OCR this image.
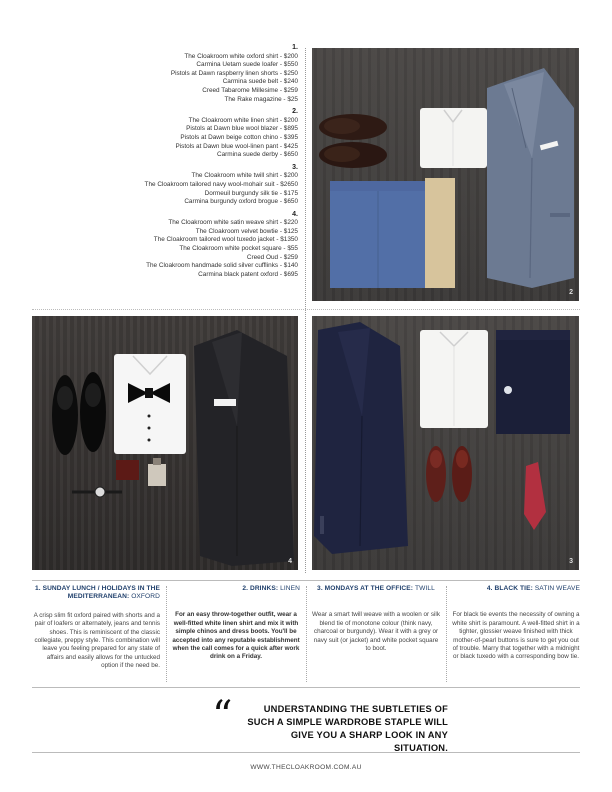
1.
The Cloakroom white oxford shirt - $200
Carmina Uetam suede loafer - $550
Pistols at Dawn raspberry linen shorts - $250
Carmina suede belt - $240
Creed Tabarome Millesime - $259
The Rake magazine - $25
2.
The Cloakroom white linen shirt - $200
Pistols at Dawn blue wool blazer - $895
Pistols at Dawn beige cotton chino - $395
Pistols at Dawn blue wool-linen pant - $425
Carmina suede derby - $650
3.
The Cloakroom white twill shirt - $200
The Cloakroom tailored navy wool-mohair suit - $2650
Dormeuil burgundy silk tie - $175
Carmina burgundy oxford brogue - $650
4.
The Cloakroom white satin weave shirt - $220
The Cloakroom velvet bowtie - $125
The Cloakroom tailored wool tuxedo jacket - $1350
The Cloakroom white pocket square - $55
Creed Oud - $259
The Cloakroom handmade solid silver cufflinks - $140
Carmina black patent oxford - $695
2
4	3
1. SUNDAY LUNCH / HOLIDAYS IN THE MEDITERRANEAN: OXFORD
A crisp slim fit oxford paired with shorts and a pair of loafers or alternately, jeans and tennis shoes. This is reminiscent of the classic collegiate, preppy style. This combination will leave you feeling prepared for any state of affairs and easily allows for the untucked option if the need be.
2. DRINKS: LINEN
For an easy throw-together outfit, wear a well-fitted white linen shirt and mix it with simple chinos and dress boots. You'll be accepted into any reputable establishment when the call comes for a quick after work drink on a Friday.
3. MONDAYS AT THE OFFICE: TWILL
Wear a smart twill weave with a woolen or silk blend tie of monotone colour (think navy, charcoal or burgundy). Wear it with a grey or navy suit (or jacket) and white pocket square to boot.
4. BLACK TIE: SATIN WEAVE
For black tie events the necessity of owning a white shirt is paramount. A well-fitted shirt in a tighter, glossier weave finished with thick mother-of-pearl buttons is sure to get you out of trouble. Marry that together with a midnight or black tuxedo with a corresponding bow tie.
“	UNDERSTANDING THE SUBTLETIES OF SUCH A SIMPLE WARDROBE STAPLE WILL GIVE YOU A SHARP LOOK IN ANY SITUATION.
WWW.THECLOAKROOM.COM.AU
